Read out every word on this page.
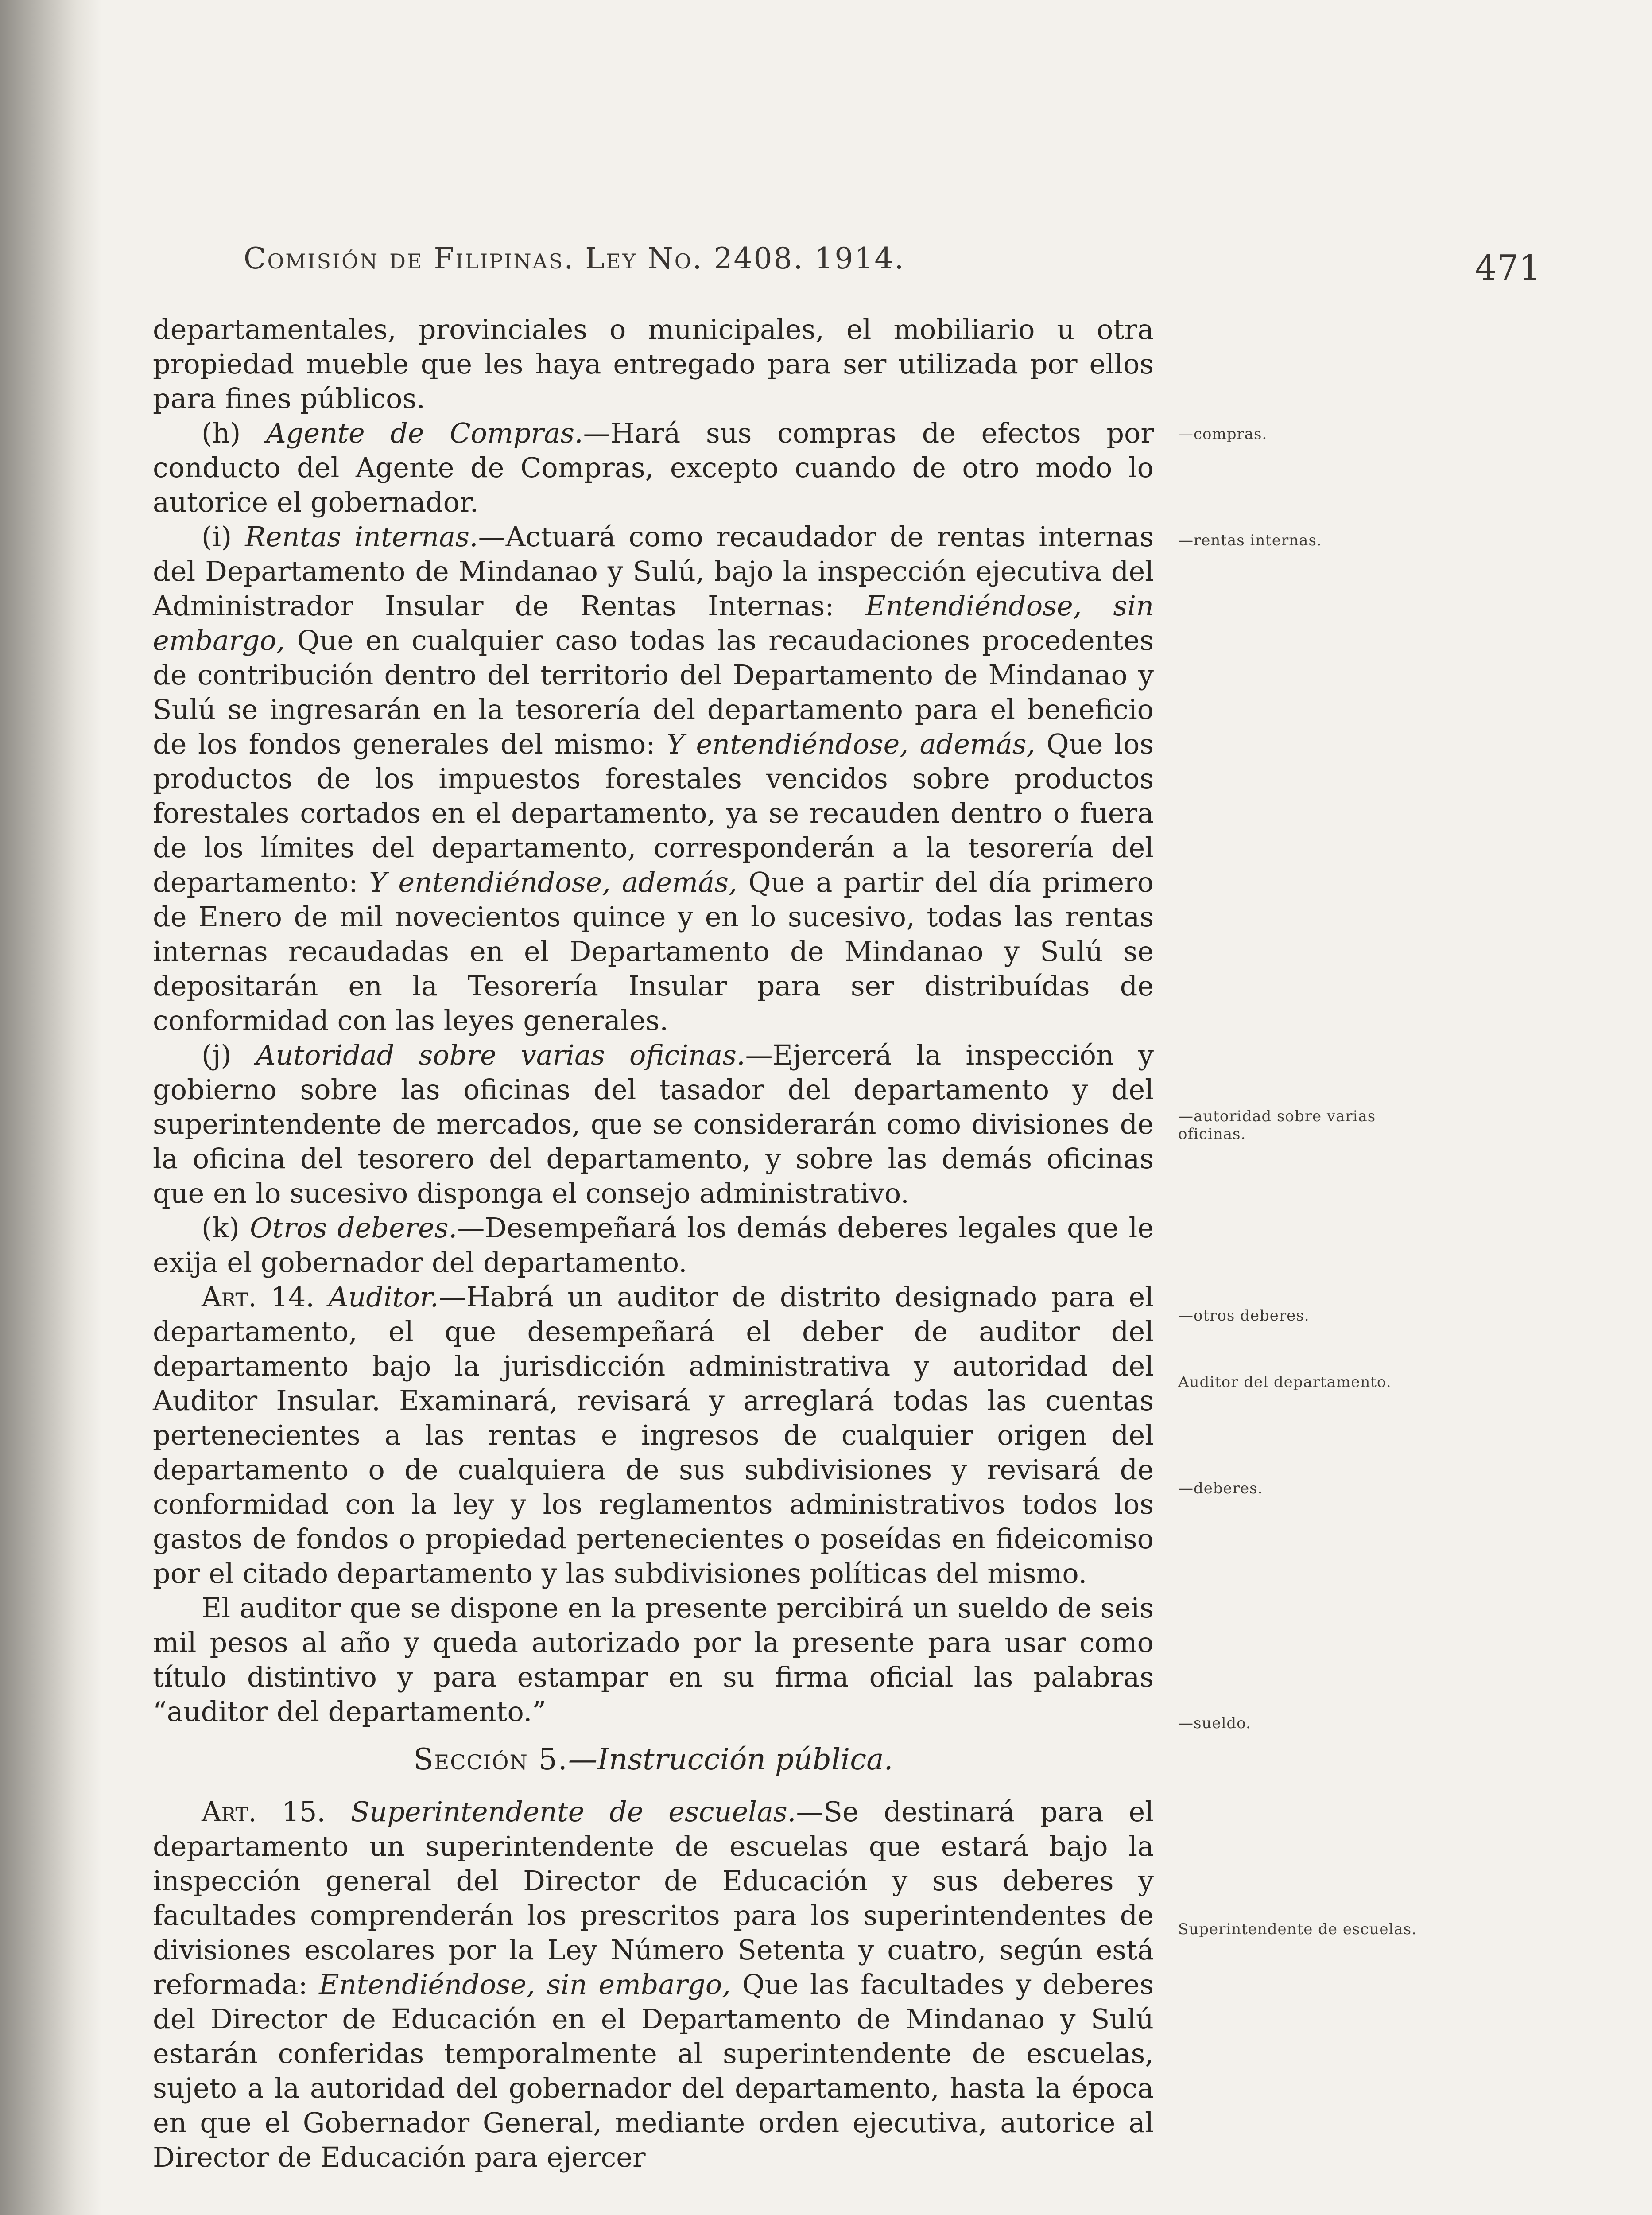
Comisión de Filipinas. Ley No. 2408. 1914.	471

departamentales, provinciales o municipales, el mobiliario u otra propiedad mueble que les haya entregado para ser utilizada por ellos para fines públicos.

(h) Agente de Compras.—Hará sus compras de efectos por conducto del Agente de Compras, excepto cuando de otro modo lo autorice el gobernador.

(i) Rentas internas.—Actuará como recaudador de rentas internas del Departamento de Mindanao y Sulú, bajo la inspección ejecutiva del Administrador Insular de Rentas Internas: Entendiéndose, sin embargo, Que en cualquier caso todas las recaudaciones procedentes de contribución dentro del territorio del Departamento de Mindanao y Sulú se ingresarán en la tesorería del departamento para el beneficio de los fondos generales del mismo: Y entendiéndose, además, Que los productos de los impuestos forestales vencidos sobre productos forestales cortados en el departamento, ya se recauden dentro o fuera de los límites del departamento, corresponderán a la tesorería del departamento: Y entendiéndose, además, Que a partir del día primero de Enero de mil novecientos quince y en lo sucesivo, todas las rentas internas recaudadas en el Departamento de Mindanao y Sulú se depositarán en la Tesorería Insular para ser distribuídas de conformidad con las leyes generales.

(j) Autoridad sobre varias oficinas.—Ejercerá la inspección y gobierno sobre las oficinas del tasador del departamento y del superintendente de mercados, que se considerarán como divisiones de la oficina del tesorero del departamento, y sobre las demás oficinas que en lo sucesivo disponga el consejo administrativo.

(k) Otros deberes.—Desempeñará los demás deberes legales que le exija el gobernador del departamento.

Art. 14. Auditor.—Habrá un auditor de distrito designado para el departamento, el que desempeñará el deber de auditor del departamento bajo la jurisdicción administrativa y autoridad del Auditor Insular. Examinará, revisará y arreglará todas las cuentas pertenecientes a las rentas e ingresos de cualquier origen del departamento o de cualquiera de sus subdivisiones y revisará de conformidad con la ley y los reglamentos administrativos todos los gastos de fondos o propiedad pertenecientes o poseídas en fideicomiso por el citado departamento y las subdivisiones políticas del mismo.

El auditor que se dispone en la presente percibirá un sueldo de seis mil pesos al año y queda autorizado por la presente para usar como título distintivo y para estampar en su firma oficial las palabras “auditor del departamento.”

Sección 5.—Instrucción pública.

Art. 15. Superintendente de escuelas.—Se destinará para el departamento un superintendente de escuelas que estará bajo la inspección general del Director de Educación y sus deberes y facultades comprenderán los prescritos para los superintendentes de divisiones escolares por la Ley Número Setenta y cuatro, según está reformada: Entendiéndose, sin embargo, Que las facultades y deberes del Director de Educación en el Departamento de Mindanao y Sulú estarán conferidas temporalmente al superintendente de escuelas, sujeto a la autoridad del gobernador del departamento, hasta la época en que el Gobernador General, mediante orden ejecutiva, autorice al Director de Educación para ejercer

—compras.
—rentas internas.
—autoridad sobre varias oficinas.
—otros deberes.
Auditor del departamento.
—deberes.
—sueldo.
Superintendente de escuelas.
